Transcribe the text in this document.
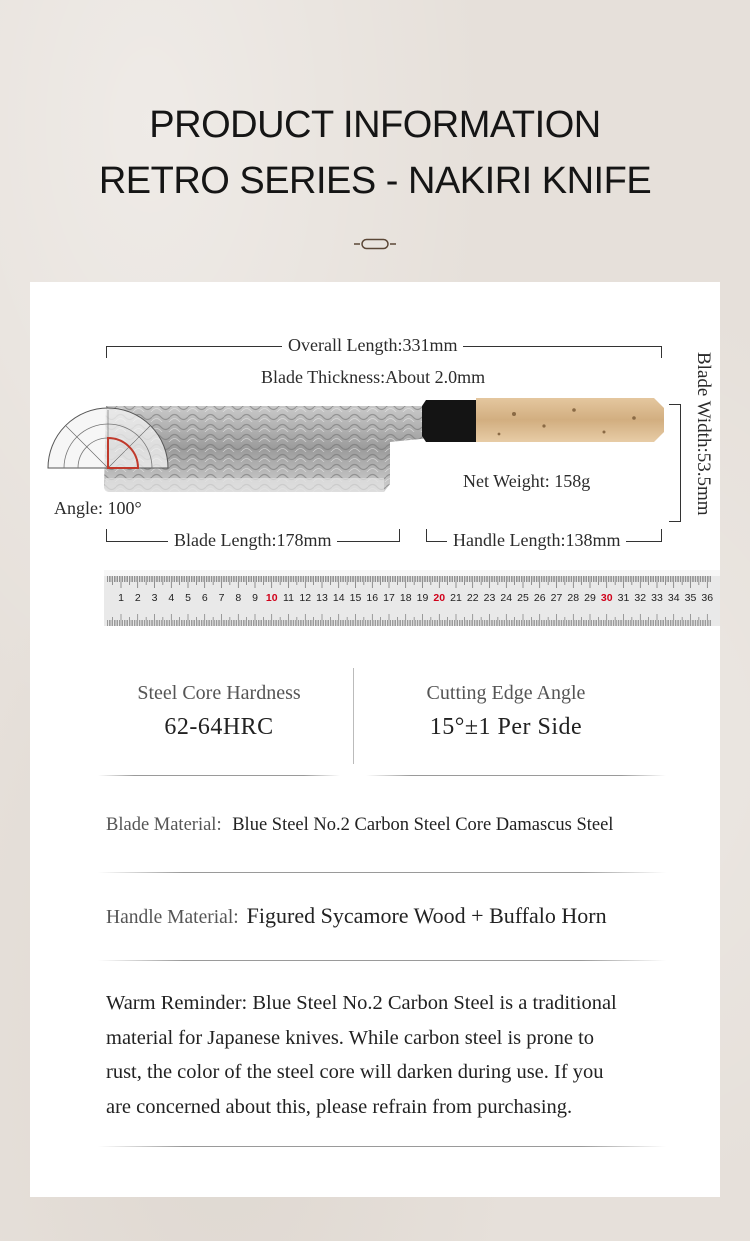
PRODUCT INFORMATION
RETRO SERIES - NAKIRI KNIFE
Overall Length:331mm
Blade Thickness:About 2.0mm	Blade Width:53.5mm
Net Weight: 158g
Angle: 100°
Blade Length:178mm	Handle Length:138mm
1 2 3 4 5 6 7 8 9 10 11 12 13 14 15 16 17 18 19 20 21 22 23 24 25 26 27 28 29 30 31 32 33 34 35 36
Steel Core Hardness
62-64HRC
Cutting Edge Angle
15°±1 Per Side
Blade Material: Blue Steel No.2 Carbon Steel Core Damascus Steel
Handle Material: Figured Sycamore Wood + Buffalo Horn
Warm Reminder: Blue Steel No.2 Carbon Steel is a traditional
material for Japanese knives. While carbon steel is prone to
rust, the color of the steel core will darken during use. If you
are concerned about this, please refrain from purchasing.
